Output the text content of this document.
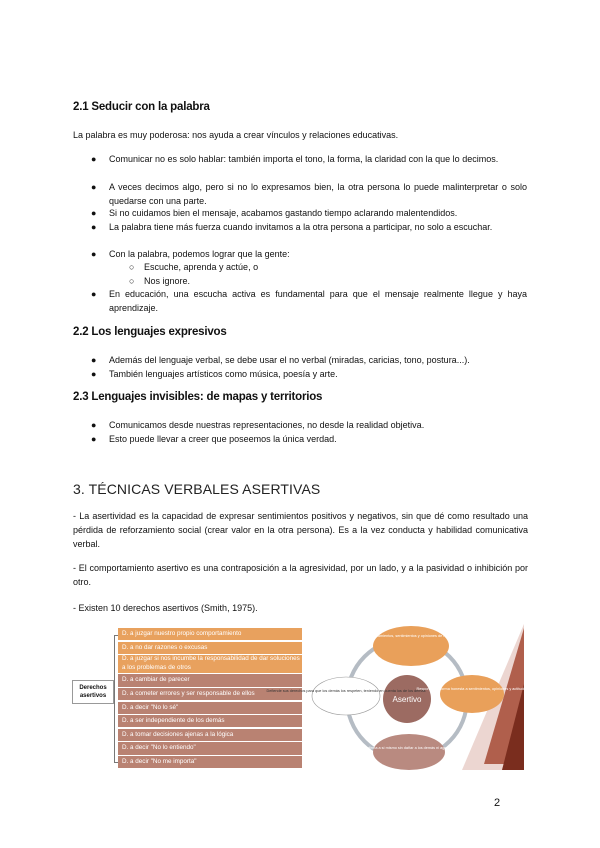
2.1 Seducir con la palabra
La palabra es muy poderosa: nos ayuda a crear vínculos y relaciones educativas.
●	Comunicar no es solo hablar: también importa el tono, la forma, la claridad con la que lo decimos.
●	A veces decimos algo, pero si no lo expresamos bien, la otra persona lo puede malinterpretar o solo quedarse con una parte.
●	Si no cuidamos bien el mensaje, acabamos gastando tiempo aclarando malentendidos.
●	La palabra tiene más fuerza cuando invitamos a la otra persona a participar, no solo a escuchar.
●	Con la palabra, podemos lograr que la gente:
○ Escuche, aprenda y actúe, o
○ Nos ignore.
●	En educación, una escucha activa es fundamental para que el mensaje realmente llegue y haya aprendizaje.
2.2 Los lenguajes expresivos
●	Además del lenguaje verbal, se debe usar el no verbal (miradas, caricias, tono, postura...).
●	También lenguajes artísticos como música, poesía y arte.
2.3 Lenguajes invisibles: de mapas y territorios
●	Comunicamos desde nuestras representaciones, no desde la realidad objetiva.
●	Esto puede llevar a creer que poseemos la única verdad.
3. TÉCNICAS VERBALES ASERTIVAS
- La asertividad es la capacidad de expresar sentimientos positivos y negativos, sin que dé como resultado una pérdida de reforzamiento social (crear valor en la otra persona). Es a la vez conducta y habilidad comunicativa verbal.
- El comportamiento asertivo es una contraposición a la agresividad, por un lado, y a la pasividad o inhibición por otro.
- Existen 10 derechos asertivos (Smith, 1975).
Derechos asertivos
D. a juzgar nuestro propio comportamiento
D. a no dar razones o excusas
D. a juzgar si nos incumbe la responsabilidad de dar soluciones a los problemas de otros
D. a cambiar de parecer
D. a cometer errores y ser responsable de ellos
D. a decir "No lo sé"
D. a ser independiente de los demás
D. a tomar decisiones ajenas a la lógica
D. a decir "No lo entiendo"
D. a decir "No me importa"
Asertivo
Quién expresa sus pensamientos, sentimientos y opiniones de forma clara y respetuosa
Responde de forma honesta a sentimientos, opiniones y actitudes
Se afirma a sí mismo sin dañar a los demás ni agredirlos
Defiende sus derechos para que los demás los respeten, teniendo en cuenta los de los demás
2
